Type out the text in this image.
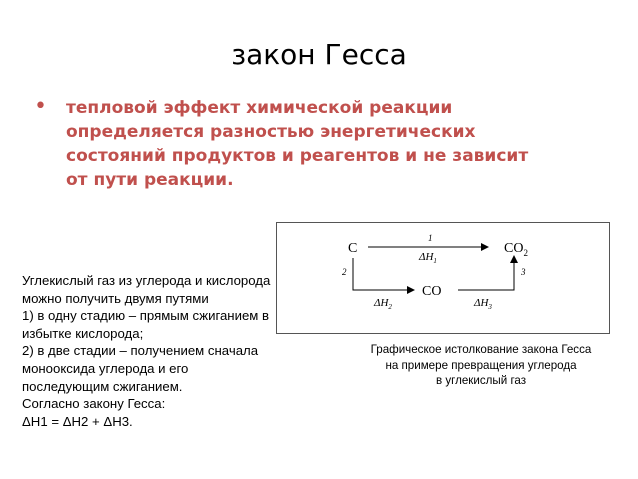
закон Гесса
• тепловой эффект химической реакции определяется разностью энергетических состояний продуктов и реагентов и не зависит от пути реакции.
Углекислый газ из углерода и кислорода
можно получить двумя путями
1) в одну стадию – прямым сжиганием в
избытке кислорода;
2) в две стадии – получением сначала
монооксида углерода и его
последующим сжиганием.
Согласно закону Гесса:
ΔH1 = ΔH2 + ΔH3.
C	$CO_2$
CO
1
$\Delta H_1$
2
$\Delta H_2$
3
$\Delta H_3$
Графическое истолкование закона Гесса
на примере превращения углерода
в углекислый газ
